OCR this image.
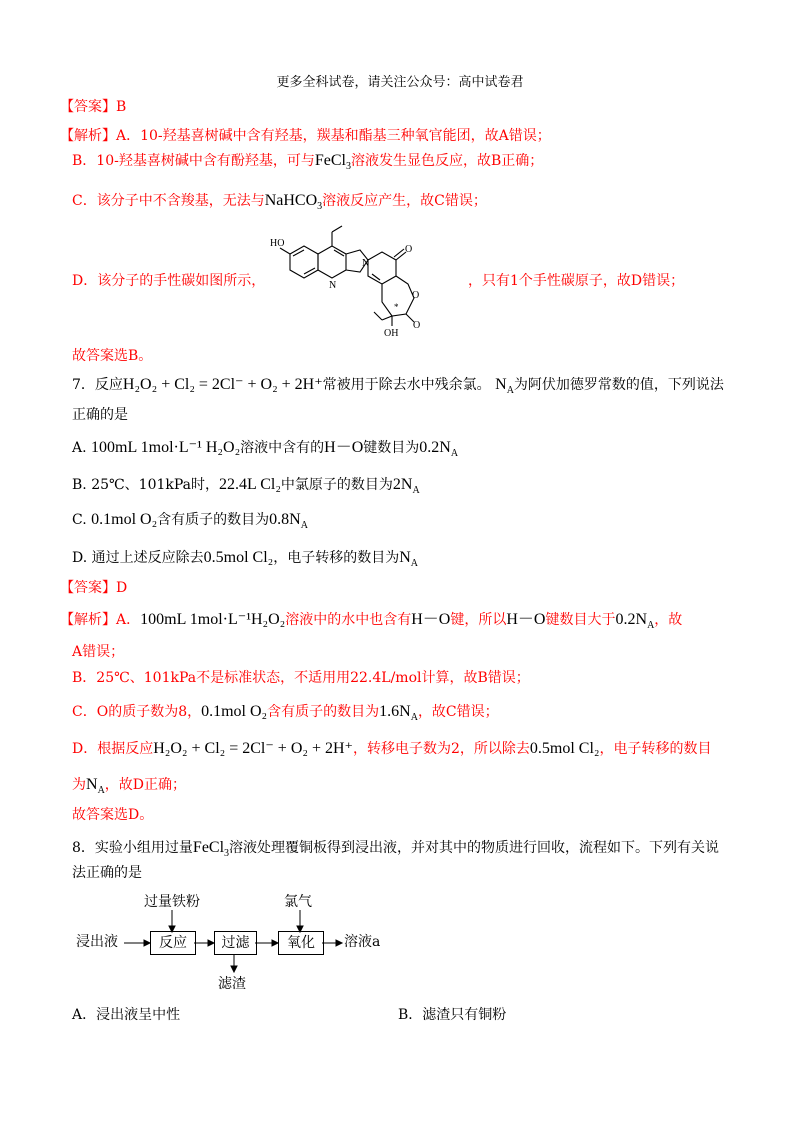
更多全科试卷，请关注公众号：高中试卷君
【答案】B
【解析】A．10-羟基喜树碱中含有羟基，羰基和酯基三种氧官能团，故A错误；
B．10-羟基喜树碱中含有酚羟基，可与FeCl$_3$溶液发生显色反应，故B正确；
C．该分子中不含羧基，无法与NaHCO$_3$溶液反应产生，故C错误；
D．该分子的手性碳如图所示，
HO
N
N
O
O
O
OH
*
，只有1个手性碳原子，故D错误；
故答案选B。
7．反应H₂O₂ + Cl₂ = 2Cl⁻ + O₂ + 2H⁺常被用于除去水中残余氯。 $N_A$为阿伏加德罗常数的值，下列说法
正确的是
A. 100mL 1mol·L⁻¹ H₂O₂溶液中含有的H－O键数目为$0.2N_A$
B. 25℃、101kPa时，22.4L Cl₂中氯原子的数目为$2N_A$
C. 0.1mol O₂含有质子的数目为$0.8N_A$
D. 通过上述反应除去0.5mol Cl₂，电子转移的数目为$N_A$
【答案】D
【解析】A．100mL 1mol·L⁻¹H₂O₂溶液中的水中也含有H－O键，所以H－O键数目大于$0.2N_A$，故
A错误；
B．25℃、101kPa不是标准状态，不适用用22.4L/mol计算，故B错误；
C．O的质子数为8，0.1mol O₂含有质子的数目为$1.6N_A$，故C错误；
D．根据反应H₂O₂ + Cl₂ = 2Cl⁻ + O₂ + 2H⁺，转移电子数为2，所以除去0.5mol Cl₂，电子转移的数目
为$N_A$，故D正确；
故答案选D。
8．实验小组用过量FeCl$_3$溶液处理覆铜板得到浸出液，并对其中的物质进行回收，流程如下。下列有关说
法正确的是
浸出液	反应	过滤	氧化	溶液a
过量铁粉	氯气
滤渣
A．浸出液呈中性	B．滤渣只有铜粉
